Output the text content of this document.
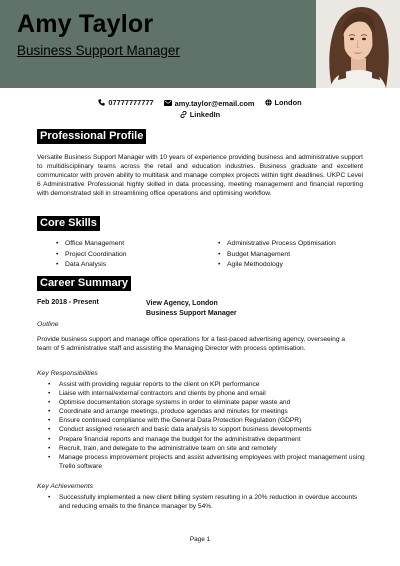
Amy Taylor
Business Support Manager
07777777777
	amy.taylor@email.com
	London
LinkedIn
Professional Profile
Versatile Business Support Manager with 10 years of experience providing business and administrative support to multidisciplinary teams across the retail and education industries. Business graduate and excellent communicator with proven ability to multitask and manage complex projects within tight deadlines. UKPC Level 6 Administrative Professional highly skilled in data processing, meeting management and financial reporting with demonstrated skill in streamlining office operations and optimising workflow.
Core Skills
• Office Management
• Project Coordination
• Data Analysis
• Administrative Process Optimisation
• Budget Management
• Agile Methodology
Career Summary
Feb 2018 - Present	View Agency, London
Business Support Manager
Outline
Provide business support and manage office operations for a fast-paced advertising agency, overseeing a team of 5 administrative staff and assisting the Managing Director with process optimisation.
Key Responsibilities
• Assist with providing regular reports to the client on KPI performance
• Liaise with internal/external contractors and clients by phone and email
• Optimise documentation storage systems in order to eliminate paper waste and
• Coordinate and arrange meetings, produce agendas and minutes for meetings
• Ensure continued compliance with the General Data Protection Regulation (GDPR)
• Conduct assigned research and basic data analysis to support business developments
• Prepare financial reports and manage the budget for the administrative department
• Recruit, train, and delegate to the administrative team on site and remotely
• Manage process improvement projects and assist advertising employees with project management using Trello software
Key Achievements
• Successfully implemented a new client billing system resulting in a 20% reduction in overdue accounts and reducing emails to the finance manager by 54%.
Page 1
